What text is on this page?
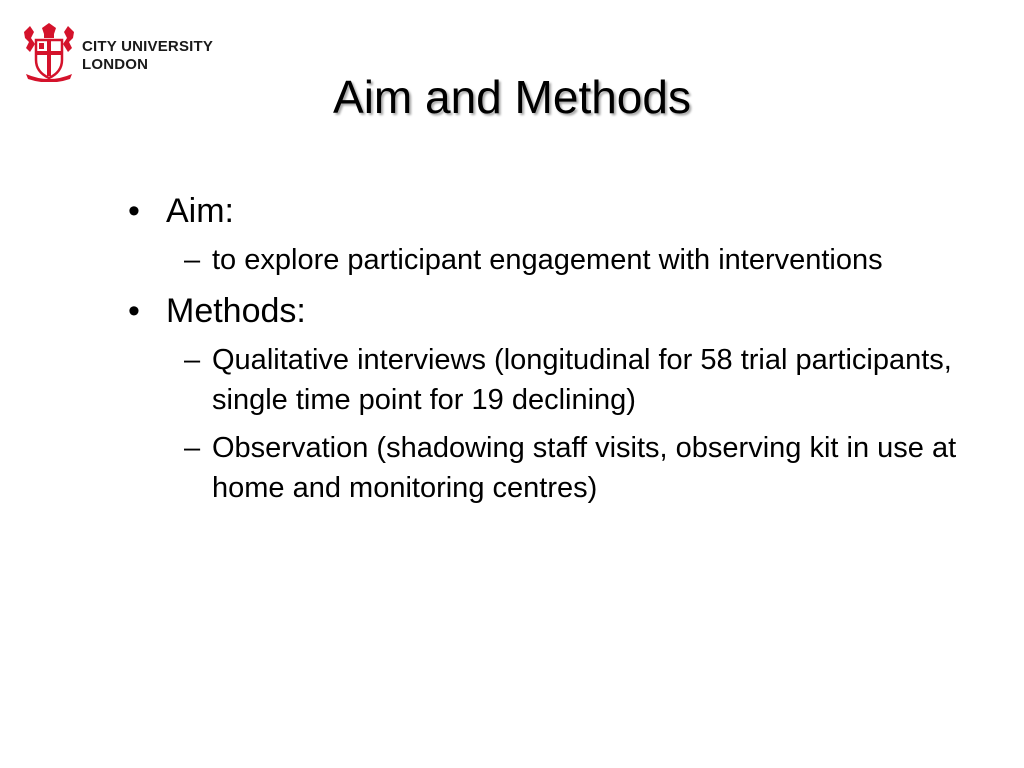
CITY UNIVERSITY
LONDON
Aim and Methods
• Aim:
– to explore participant engagement with interventions
• Methods:
– Qualitative interviews (longitudinal for 58 trial participants, single time point for 19 declining)
– Observation (shadowing staff visits, observing kit in use at home and monitoring centres)
